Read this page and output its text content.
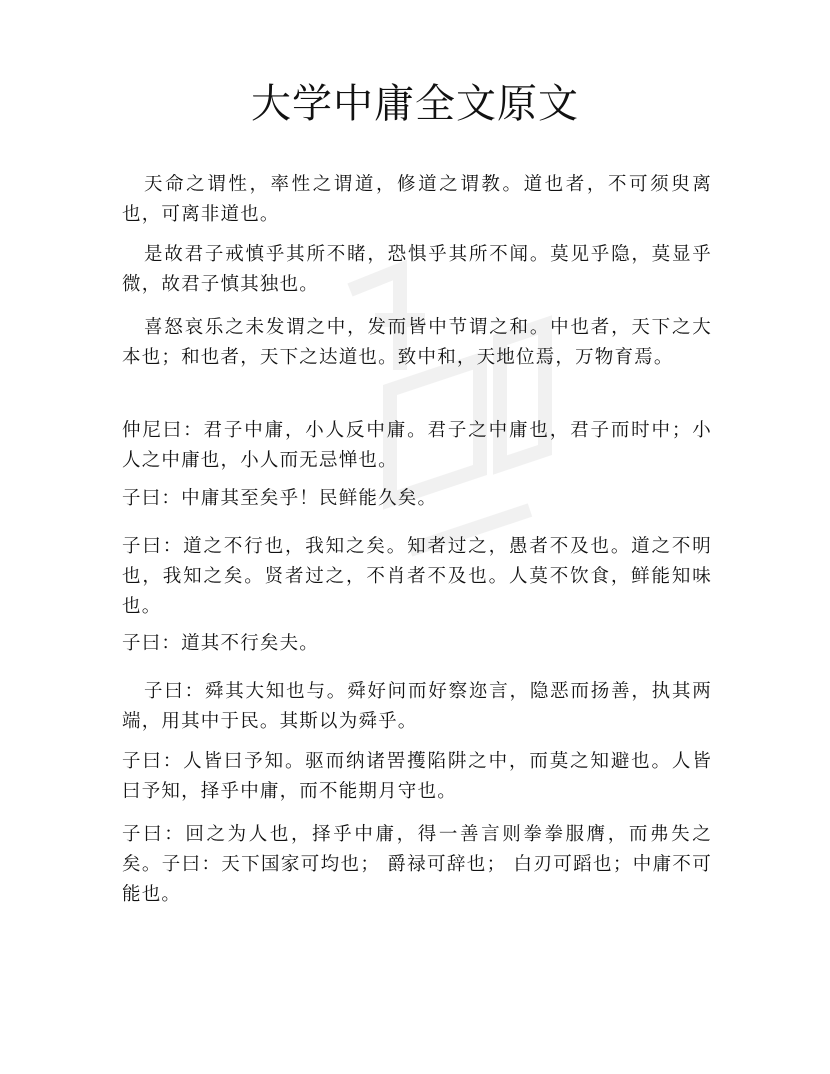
大学中庸全文原文

天命之谓性，率性之谓道，修道之谓教。道也者，不可须臾离也，可离非道也。

是故君子戒慎乎其所不睹，恐惧乎其所不闻。莫见乎隐，莫显乎微，故君子慎其独也。

喜怒哀乐之未发谓之中，发而皆中节谓之和。中也者，天下之大本也；和也者，天下之达道也。致中和，天地位焉，万物育焉。

仲尼曰：君子中庸，小人反中庸。君子之中庸也，君子而时中；小人之中庸也，小人而无忌惮也。

子曰：中庸其至矣乎！民鲜能久矣。

子曰：道之不行也，我知之矣。知者过之，愚者不及也。道之不明也，我知之矣。贤者过之，不肖者不及也。人莫不饮食，鲜能知味也。

子曰：道其不行矣夫。

子曰：舜其大知也与。舜好问而好察迩言，隐恶而扬善，执其两端，用其中于民。其斯以为舜乎。

子曰：人皆曰予知。驱而纳诸罟擭陷阱之中，而莫之知避也。人皆曰予知，择乎中庸，而不能期月守也。

子曰：回之为人也，择乎中庸，得一善言则拳拳服膺，而弗失之矣。子曰：天下国家可均也； 爵禄可辞也； 白刃可蹈也；中庸不可能也。
